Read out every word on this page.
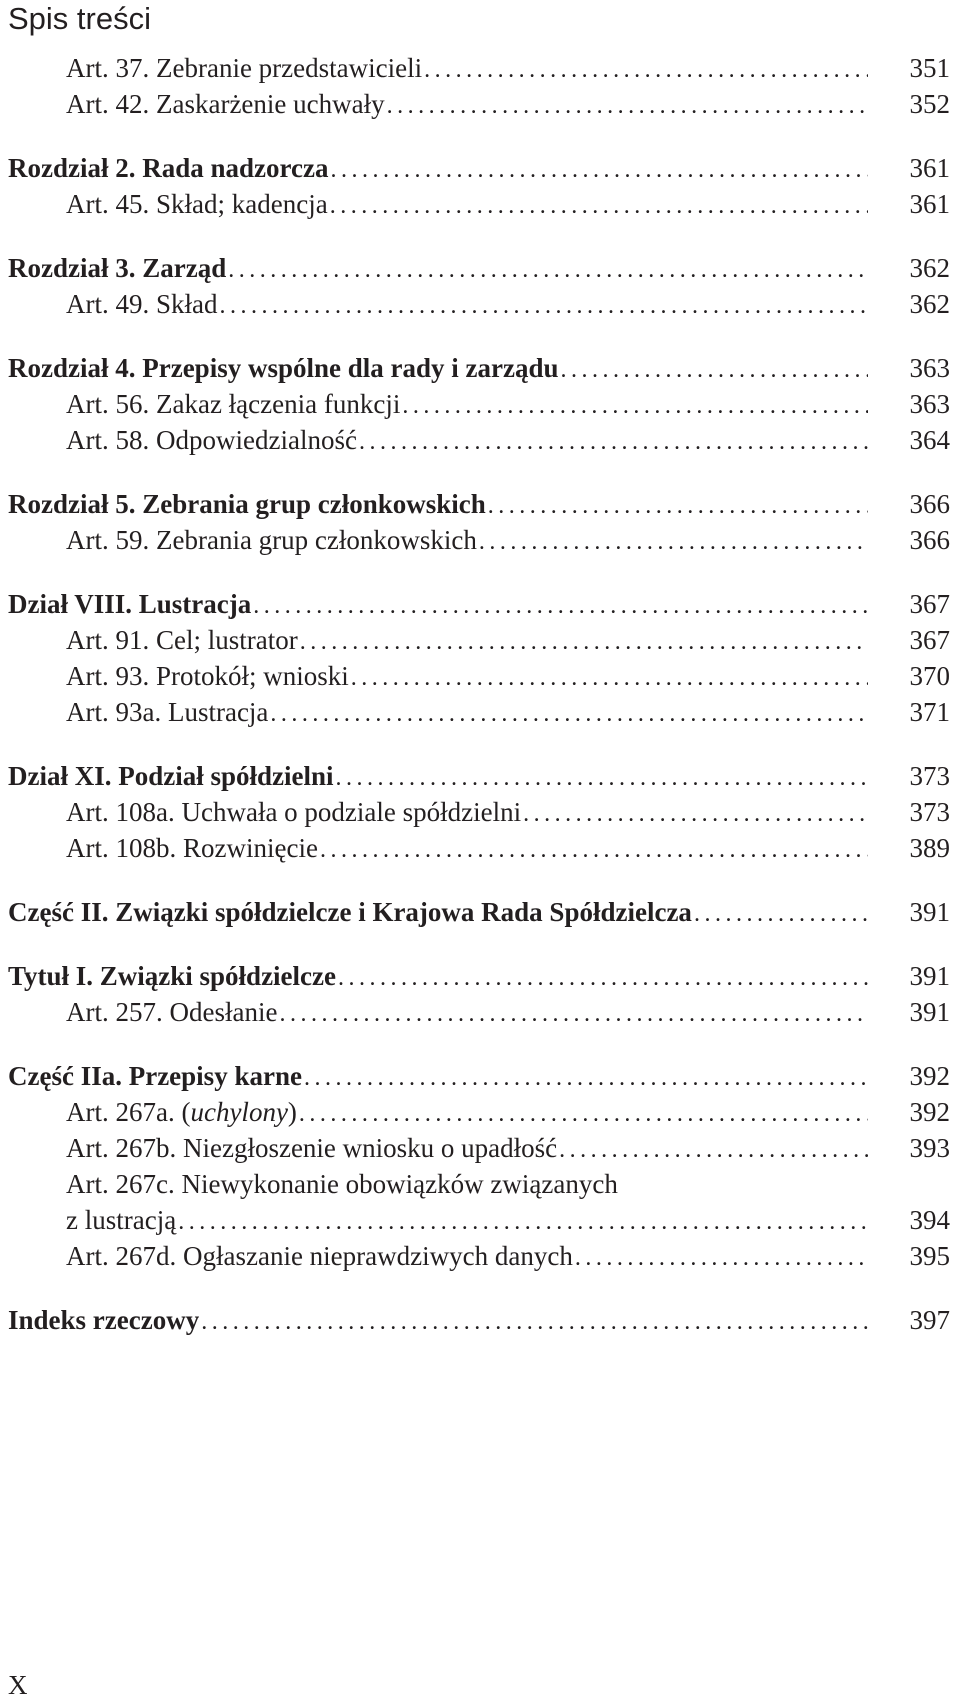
Spis treści
Art. 37. Zebranie przedstawicieli .....	351
Art. 42. Zaskarżenie uchwały .....	352
Rozdział 2. Rada nadzorcza .....	361
Art. 45. Skład; kadencja .....	361
Rozdział 3. Zarząd .....	362
Art. 49. Skład .....	362
Rozdział 4. Przepisy wspólne dla rady i zarządu .....	363
Art. 56. Zakaz łączenia funkcji .....	363
Art. 58. Odpowiedzialność .....	364
Rozdział 5. Zebrania grup członkowskich .....	366
Art. 59. Zebrania grup członkowskich .....	366
Dział VIII. Lustracja .....	367
Art. 91. Cel; lustrator .....	367
Art. 93. Protokół; wnioski .....	370
Art. 93a. Lustracja .....	371
Dział XI. Podział spółdzielni .....	373
Art. 108a. Uchwała o podziale spółdzielni .....	373
Art. 108b. Rozwinięcie .....	389
Część II. Związki spółdzielcze i Krajowa Rada Spółdzielcza .....	391
Tytuł I. Związki spółdzielcze .....	391
Art. 257. Odesłanie .....	391
Część IIa. Przepisy karne .....	392
Art. 267a. (uchylony) .....	392
Art. 267b. Niezgłoszenie wniosku o upadłość .....	393
Art. 267c. Niewykonanie obowiązków związanych
z lustracją .....	394
Art. 267d. Ogłaszanie nieprawdziwych danych .....	395
Indeks rzeczowy .....	397
X
